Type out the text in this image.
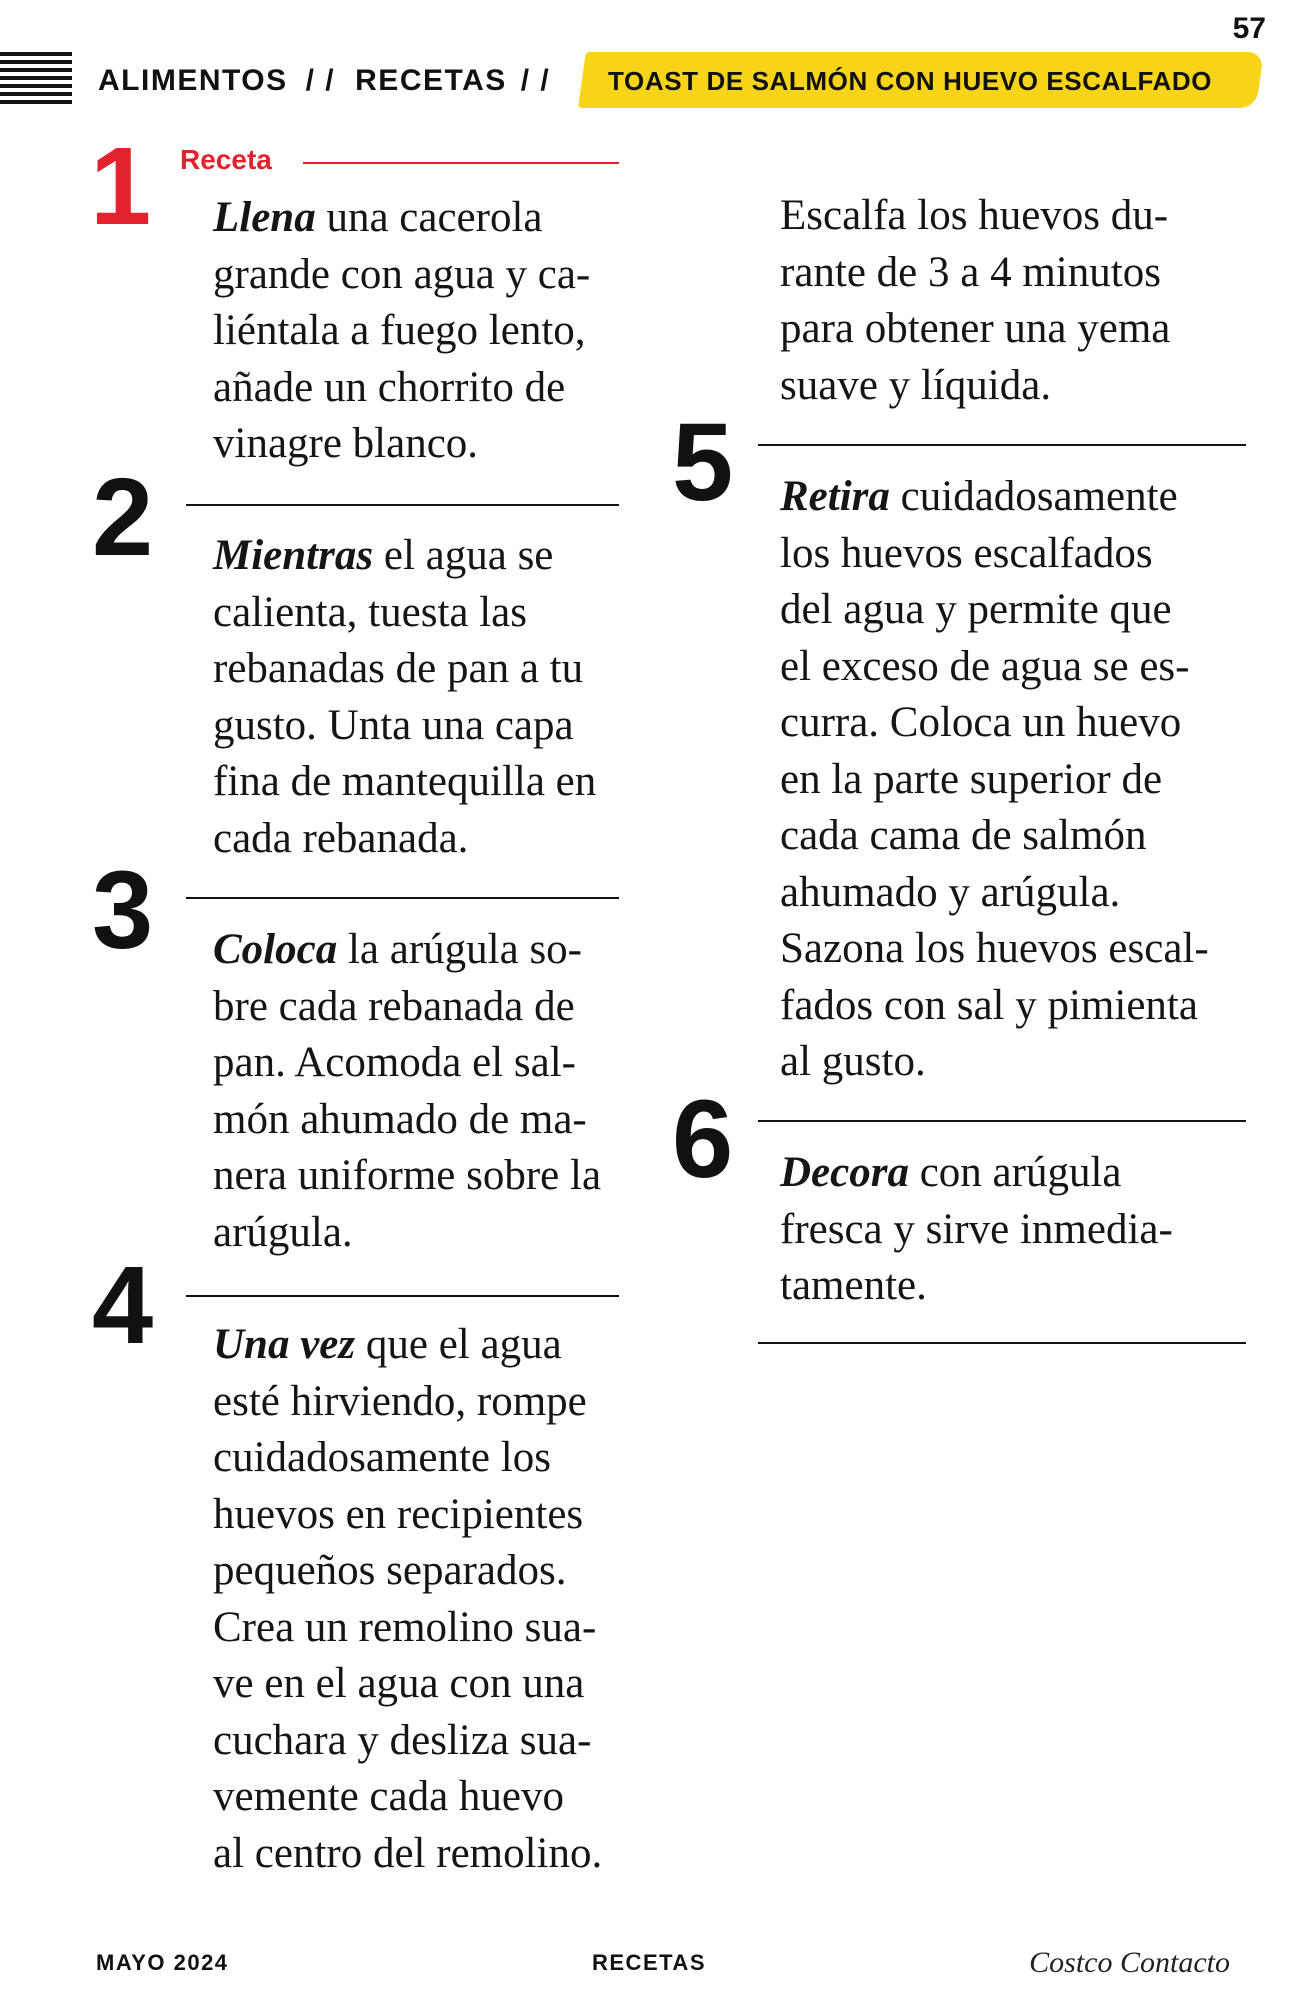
57
ALIMENTOS / / RECETAS / / TOAST DE SALMÓN CON HUEVO ESCALFADO
1 Receta

Llena una cacerola
grande con agua y ca-
liéntala a fuego lento,
añade un chorrito de
vinagre blanco.

2 Mientras el agua se
calienta, tuesta las
rebanadas de pan a tu
gusto. Unta una capa
fina de mantequilla en
cada rebanada.

3 Coloca la arúgula so-
bre cada rebanada de
pan. Acomoda el sal-
món ahumado de ma-
nera uniforme sobre la
arúgula.

4 Una vez que el agua
esté hirviendo, rompe
cuidadosamente los
huevos en recipientes
pequeños separados.
Crea un remolino sua-
ve en el agua con una
cuchara y desliza sua-
vemente cada huevo
al centro del remolino.

Escalfa los huevos du-
rante de 3 a 4 minutos
para obtener una yema
suave y líquida.

5 Retira cuidadosamente
los huevos escalfados
del agua y permite que
el exceso de agua se es-
curra. Coloca un huevo
en la parte superior de
cada cama de salmón
ahumado y arúgula.
Sazona los huevos escal-
fados con sal y pimienta
al gusto.

6 Decora con arúgula
fresca y sirve inmedia-
tamente.

MAYO 2024	RECETAS	Costco Contacto
